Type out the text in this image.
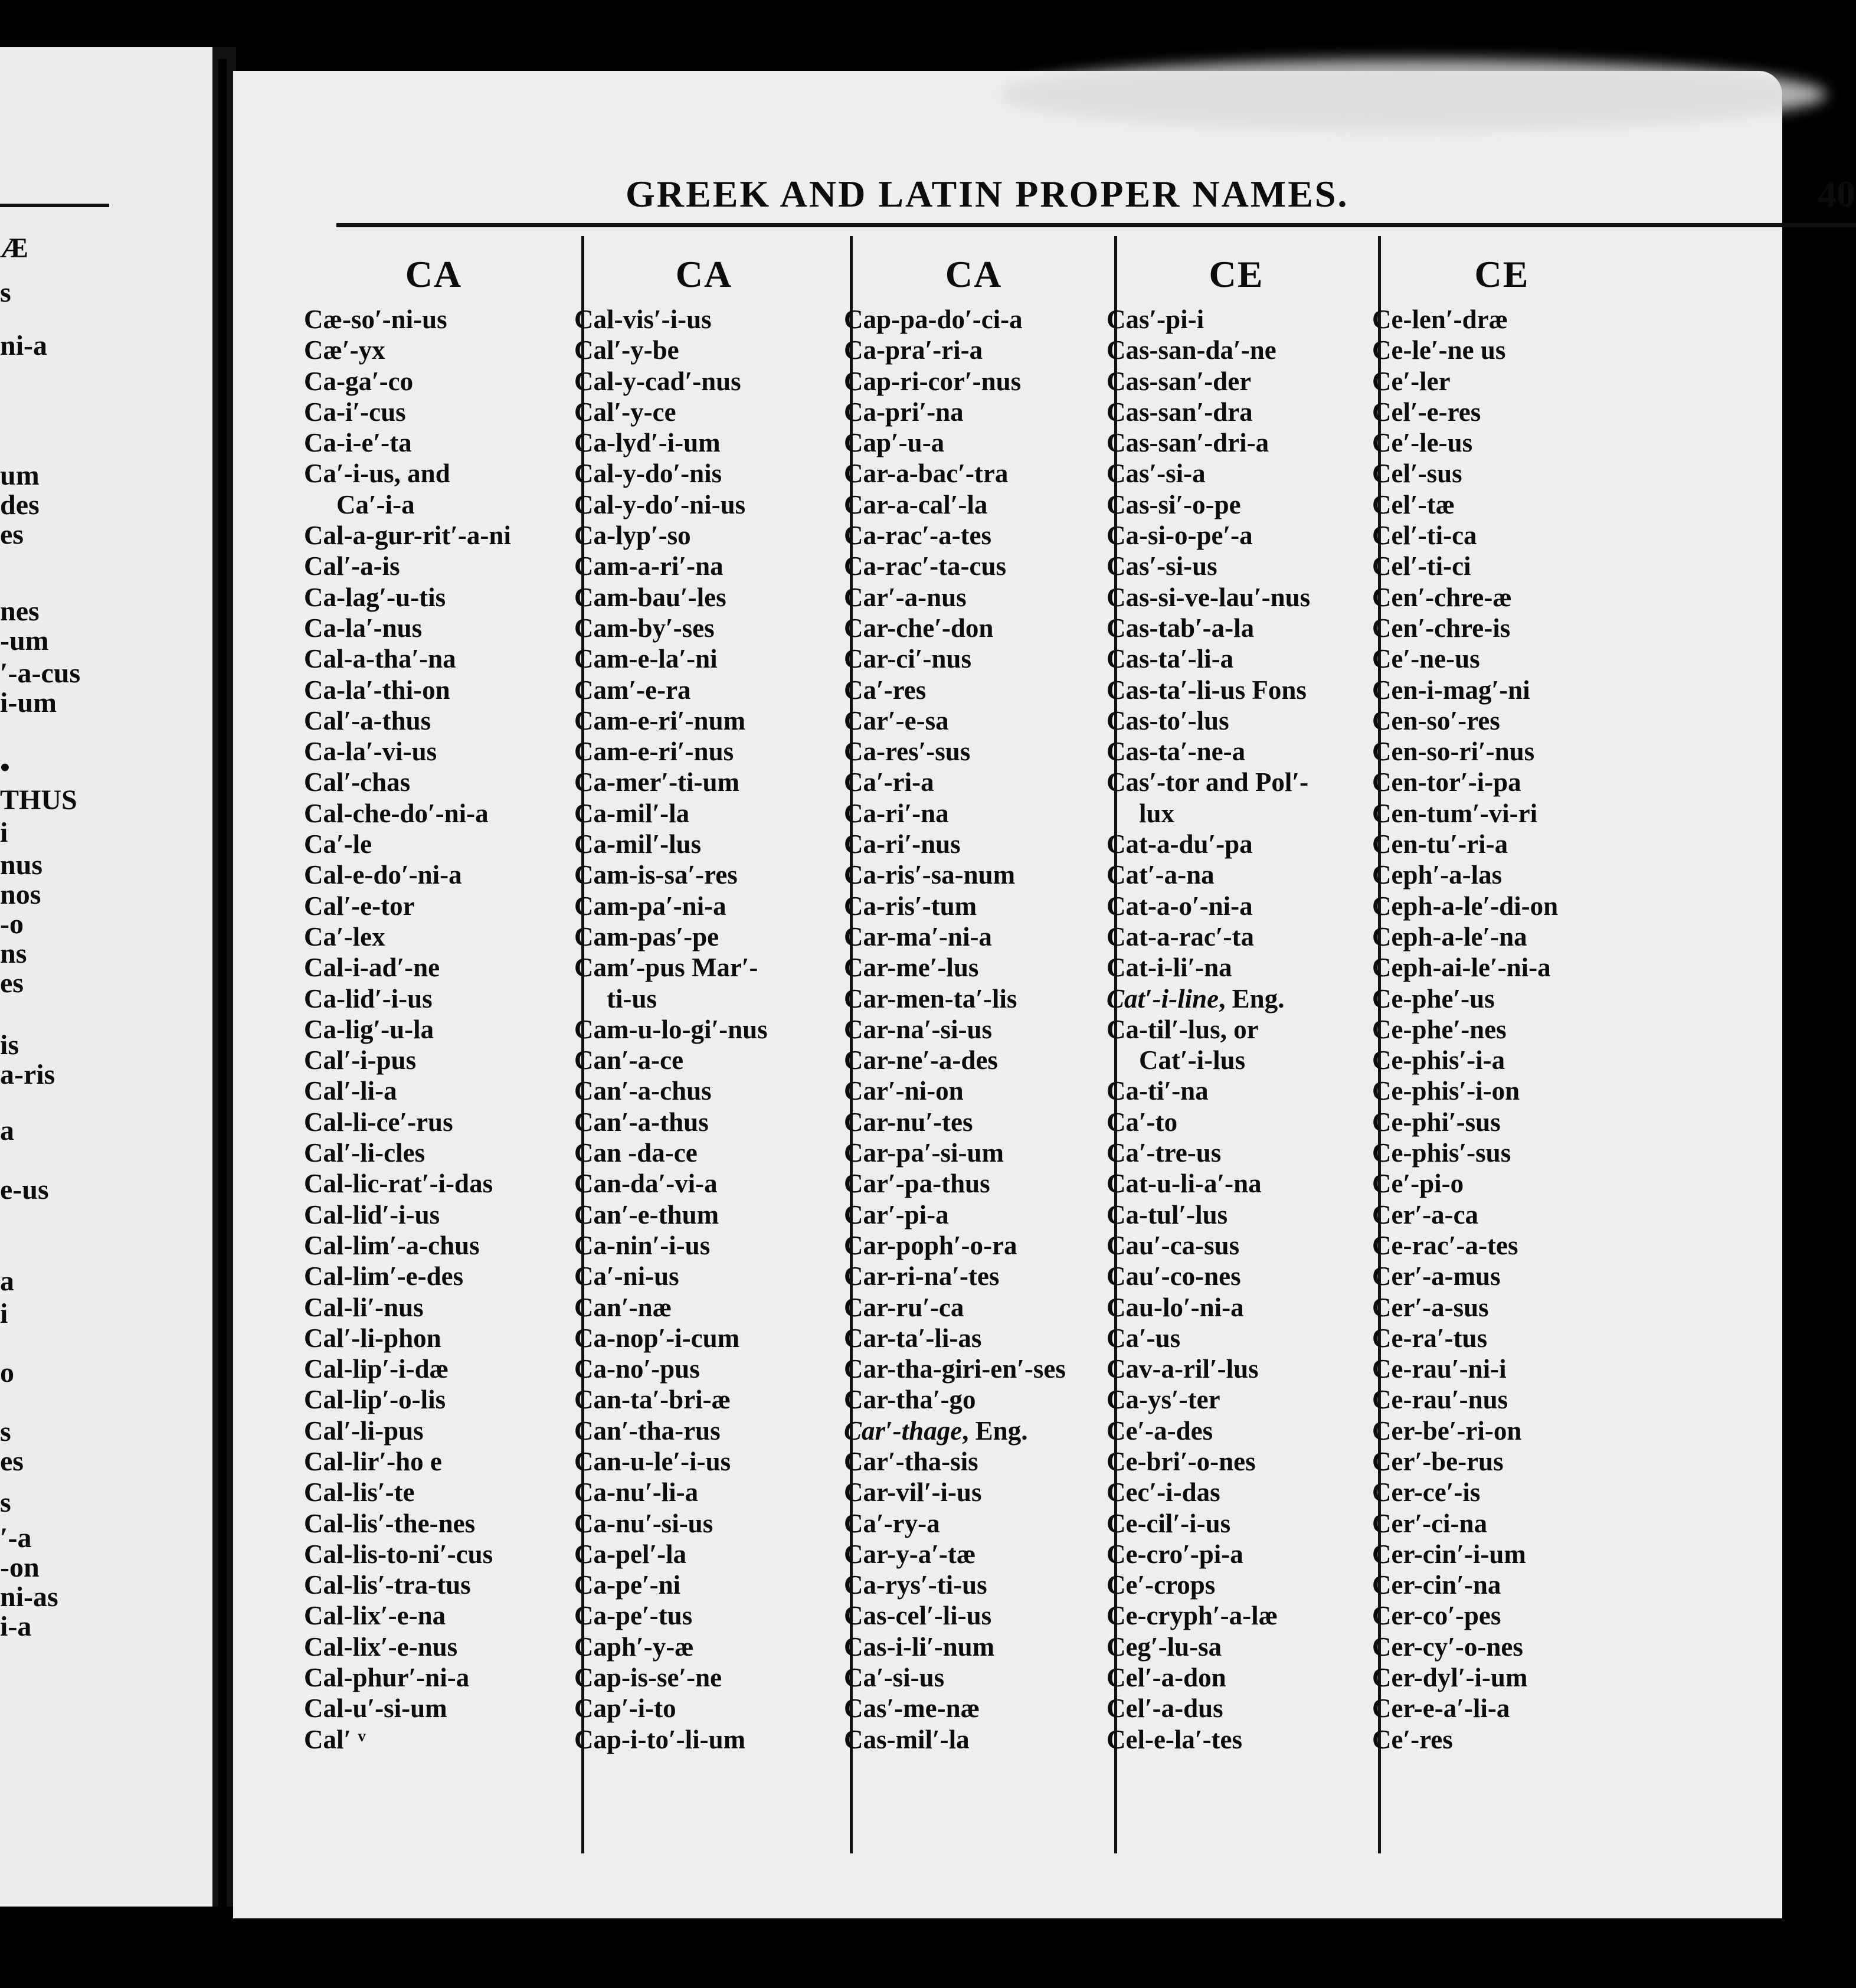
Æ
s
ni-a
um
des
es
nes
-um
′-a-cus
i-um
•
THUS
i
nus
nos
-o
ns
es
is
a-ris
a
e-us
a
i
o
s
es
s
′-a
-on
ni-as
i-a
GREEK AND LATIN PROPER NAMES.	40
CA
Cæ-so′-ni-us
Cæ′-yx
Ca-ga′-co
Ca-i′-cus
Ca-i-e′-ta
Ca′-i-us, and
Ca′-i-a
Cal-a-gur-rit′-a-ni
Cal′-a-is
Ca-lag′-u-tis
Ca-la′-nus
Cal-a-tha′-na
Ca-la′-thi-on
Cal′-a-thus
Ca-la′-vi-us
Cal′-chas
Cal-che-do′-ni-a
Ca′-le
Cal-e-do′-ni-a
Cal′-e-tor
Ca′-lex
Cal-i-ad′-ne
Ca-lid′-i-us
Ca-lig′-u-la
Cal′-i-pus
Cal′-li-a
Cal-li-ce′-rus
Cal′-li-cles
Cal-lic-rat′-i-das
Cal-lid′-i-us
Cal-lim′-a-chus
Cal-lim′-e-des
Cal-li′-nus
Cal′-li-phon
Cal-lip′-i-dæ
Cal-lip′-o-lis
Cal′-li-pus
Cal-lir′-ho e
Cal-lis′-te
Cal-lis′-the-nes
Cal-lis-to-ni′-cus
Cal-lis′-tra-tus
Cal-lix′-e-na
Cal-lix′-e-nus
Cal-phur′-ni-a
Cal-u′-si-um
Cal′ ᵛ
CA
Cal-vis′-i-us
Cal′-y-be
Cal-y-cad′-nus
Cal′-y-ce
Ca-lyd′-i-um
Cal-y-do′-nis
Cal-y-do′-ni-us
Ca-lyp′-so
Cam-a-ri′-na
Cam-bau′-les
Cam-by′-ses
Cam-e-la′-ni
Cam′-e-ra
Cam-e-ri′-num
Cam-e-ri′-nus
Ca-mer′-ti-um
Ca-mil′-la
Ca-mil′-lus
Cam-is-sa′-res
Cam-pa′-ni-a
Cam-pas′-pe
Cam′-pus Mar′-
ti-us
Cam-u-lo-gi′-nus
Can′-a-ce
Can′-a-chus
Can′-a-thus
Can -da-ce
Can-da′-vi-a
Can′-e-thum
Ca-nin′-i-us
Ca′-ni-us
Can′-næ
Ca-nop′-i-cum
Ca-no′-pus
Can-ta′-bri-æ
Can′-tha-rus
Can-u-le′-i-us
Ca-nu′-li-a
Ca-nu′-si-us
Ca-pel′-la
Ca-pe′-ni
Ca-pe′-tus
Caph′-y-æ
Cap-is-se′-ne
Cap′-i-to
Cap-i-to′-li-um
CA
Cap-pa-do′-ci-a
Ca-pra′-ri-a
Cap-ri-cor′-nus
Ca-pri′-na
Cap′-u-a
Car-a-bac′-tra
Car-a-cal′-la
Ca-rac′-a-tes
Ca-rac′-ta-cus
Car′-a-nus
Car-che′-don
Car-ci′-nus
Ca′-res
Car′-e-sa
Ca-res′-sus
Ca′-ri-a
Ca-ri′-na
Ca-ri′-nus
Ca-ris′-sa-num
Ca-ris′-tum
Car-ma′-ni-a
Car-me′-lus
Car-men-ta′-lis
Car-na′-si-us
Car-ne′-a-des
Car′-ni-on
Car-nu′-tes
Car-pa′-si-um
Car′-pa-thus
Car′-pi-a
Car-poph′-o-ra
Car-ri-na′-tes
Car-ru′-ca
Car-ta′-li-as
Car-tha-giri-en′-ses
Car-tha′-go
Car′-thage, Eng.
Car′-tha-sis
Car-vil′-i-us
Ca′-ry-a
Car-y-a′-tæ
Ca-rys′-ti-us
Cas-cel′-li-us
Cas-i-li′-num
Ca′-si-us
Cas′-me-næ
Cas-mil′-la
CE
Cas′-pi-i
Cas-san-da′-ne
Cas-san′-der
Cas-san′-dra
Cas-san′-dri-a
Cas′-si-a
Cas-si′-o-pe
Ca-si-o-pe′-a
Cas′-si-us
Cas-si-ve-lau′-nus
Cas-tab′-a-la
Cas-ta′-li-a
Cas-ta′-li-us Fons
Cas-to′-lus
Cas-ta′-ne-a
Cas′-tor and Pol′-
lux
Cat-a-du′-pa
Cat′-a-na
Cat-a-o′-ni-a
Cat-a-rac′-ta
Cat-i-li′-na
Cat′-i-line, Eng.
Ca-til′-lus, or
Cat′-i-lus
Ca-ti′-na
Ca′-to
Ca′-tre-us
Cat-u-li-a′-na
Ca-tul′-lus
Cau′-ca-sus
Cau′-co-nes
Cau-lo′-ni-a
Ca′-us
Cav-a-ril′-lus
Ca-ys′-ter
Ce′-a-des
Ce-bri′-o-nes
Cec′-i-das
Ce-cil′-i-us
Ce-cro′-pi-a
Ce′-crops
Ce-cryph′-a-læ
Ceg′-lu-sa
Cel′-a-don
Cel′-a-dus
Cel-e-la′-tes
CE
Ce-len′-dræ
Ce-le′-ne us
Ce′-ler
Cel′-e-res
Ce′-le-us
Cel′-sus
Cel′-tæ
Cel′-ti-ca
Cel′-ti-ci
Cen′-chre-æ
Cen′-chre-is
Ce′-ne-us
Cen-i-mag′-ni
Cen-so′-res
Cen-so-ri′-nus
Cen-tor′-i-pa
Cen-tum′-vi-ri
Cen-tu′-ri-a
Ceph′-a-las
Ceph-a-le′-di-on
Ceph-a-le′-na
Ceph-ai-le′-ni-a
Ce-phe′-us
Ce-phe′-nes
Ce-phis′-i-a
Ce-phis′-i-on
Ce-phi′-sus
Ce-phis′-sus
Ce′-pi-o
Cer′-a-ca
Ce-rac′-a-tes
Cer′-a-mus
Cer′-a-sus
Ce-ra′-tus
Ce-rau′-ni-i
Ce-rau′-nus
Cer-be′-ri-on
Cer′-be-rus
Cer-ce′-is
Cer′-ci-na
Cer-cin′-i-um
Cer-cin′-na
Cer-co′-pes
Cer-cy′-o-nes
Cer-dyl′-i-um
Cer-e-a′-li-a
Ce′-res
